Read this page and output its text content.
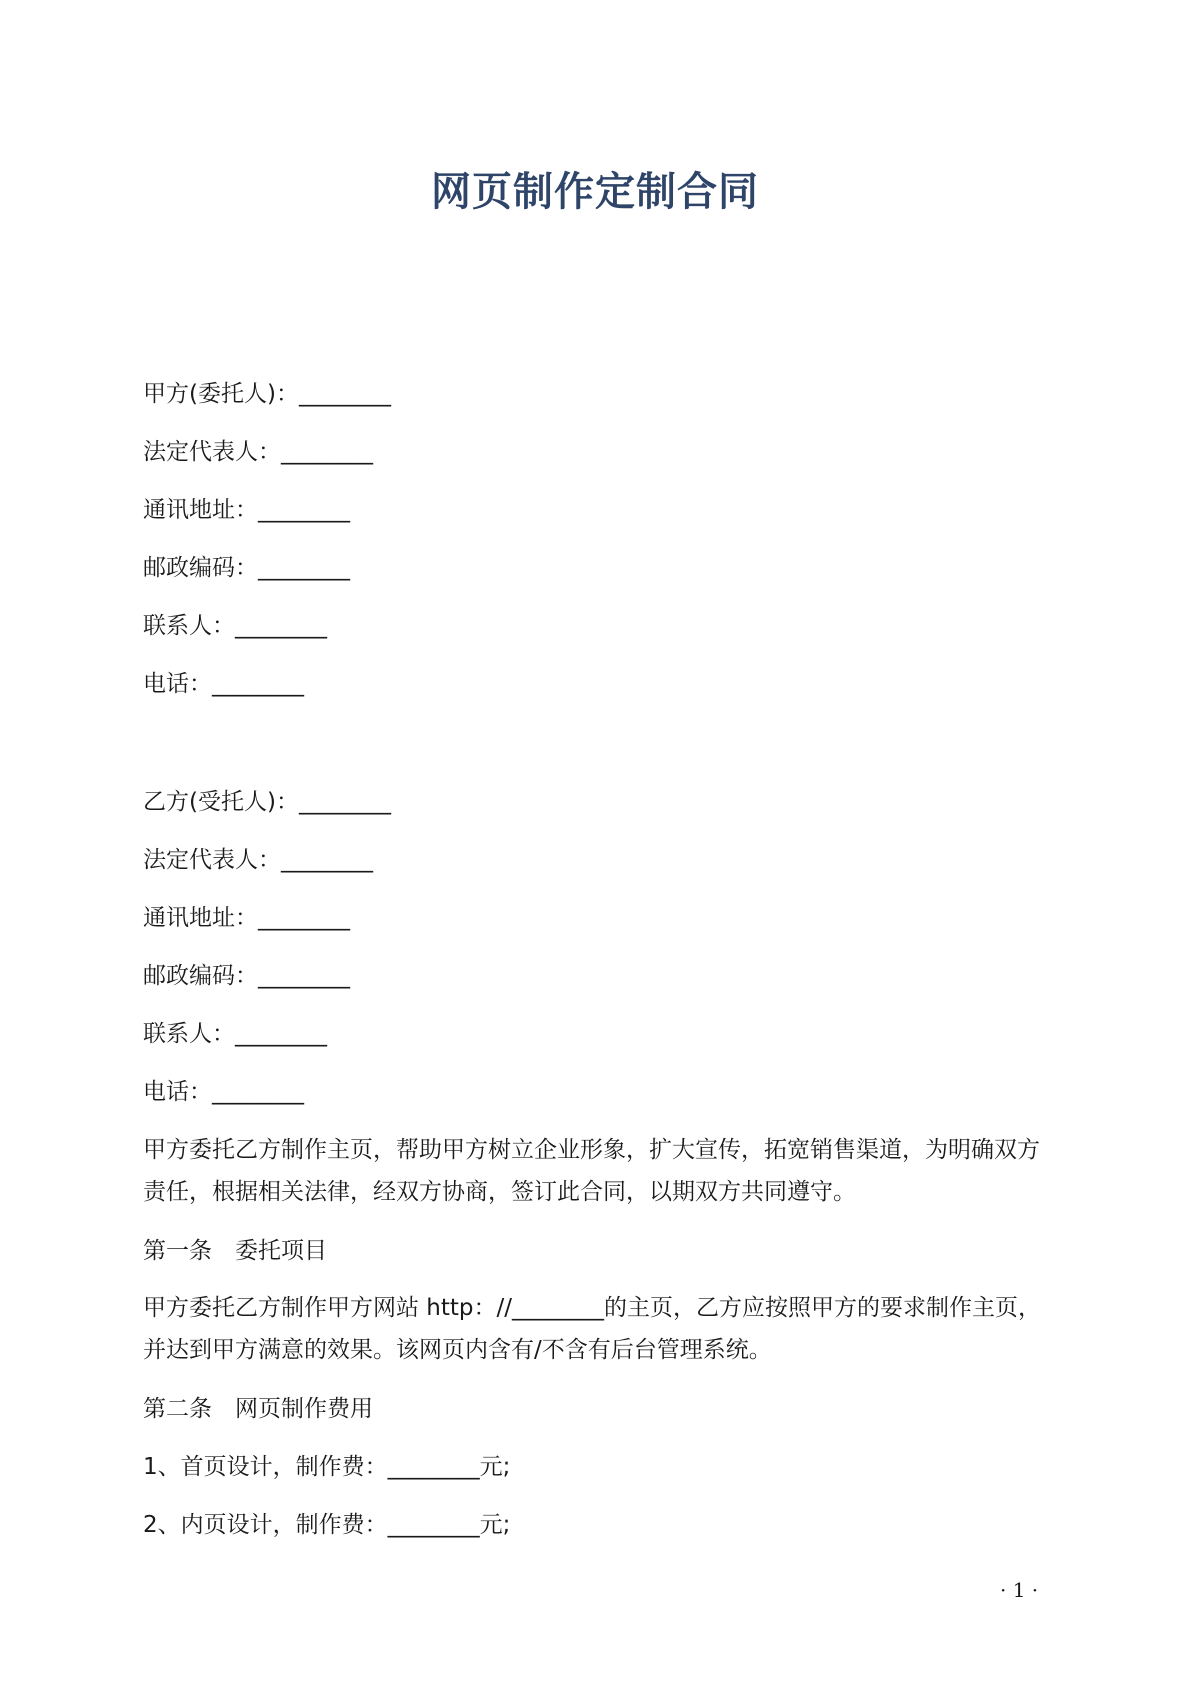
网页制作定制合同
甲方(委托人)：________
法定代表人：________
通讯地址：________
邮政编码：________
联系人：________
电话：________
乙方(受托人)：________
法定代表人：________
通讯地址：________
邮政编码：________
联系人：________
电话：________
甲方委托乙方制作主页，帮助甲方树立企业形象，扩大宣传，拓宽销售渠道，为明确双方责任，根据相关法律，经双方协商，签订此合同，以期双方共同遵守。
第一条　委托项目
甲方委托乙方制作甲方网站 http：//________的主页，乙方应按照甲方的要求制作主页，并达到甲方满意的效果。该网页内含有/不含有后台管理系统。
第二条　网页制作费用
1、首页设计，制作费：________元;
2、内页设计，制作费：________元;
· 1 ·
